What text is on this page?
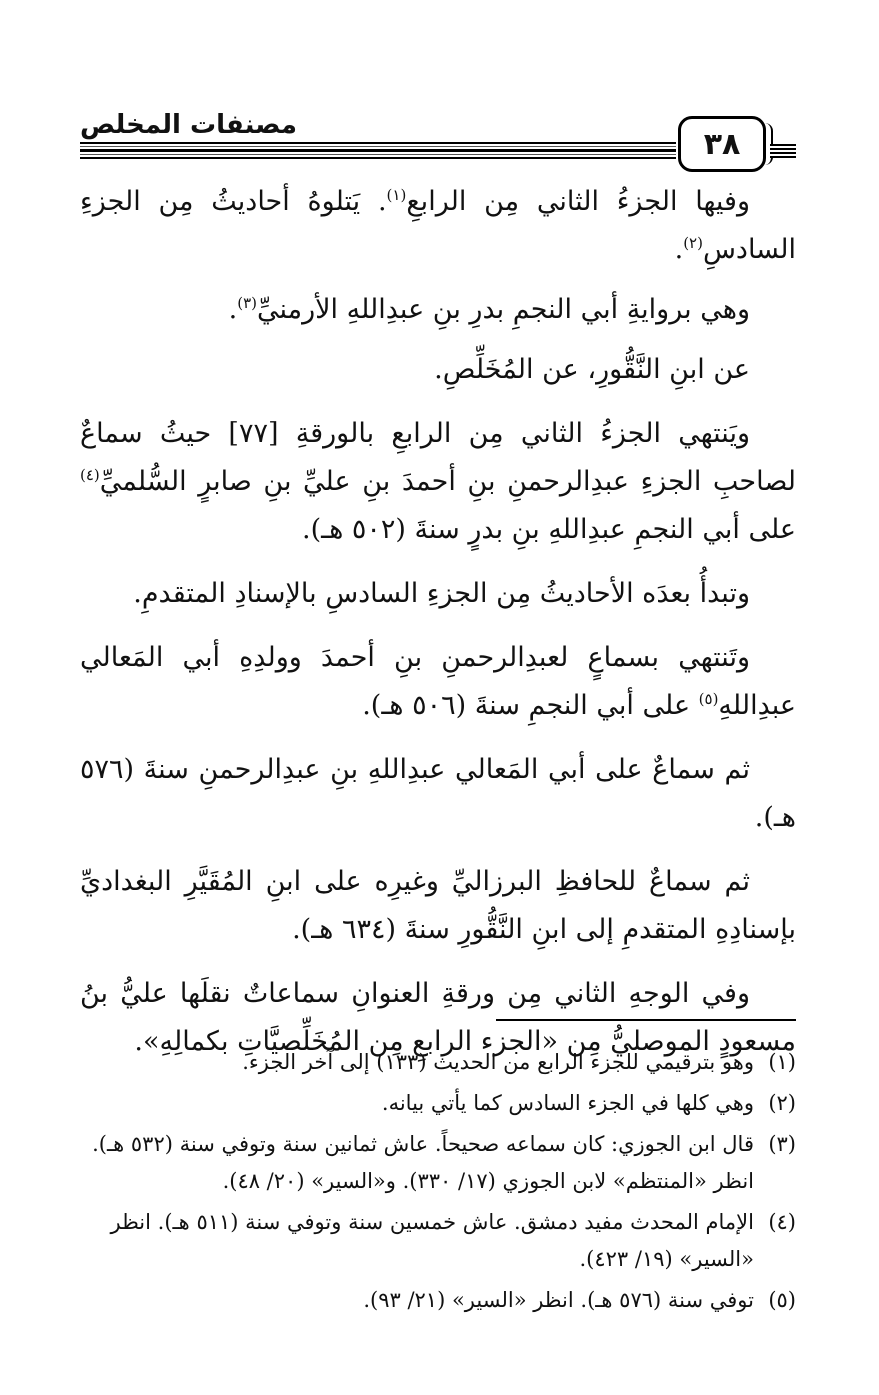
مصنفات المخلص
٣٨

وفيها الجزءُ الثاني مِن الرابعِ$^{(١)}$. يَتلوهُ أحاديثُ مِن الجزءِ السادسِ$^{(٢)}$.

وهي بروايةِ أبي النجمِ بدرِ بنِ عبدِاللهِ الأرمنيِّ$^{(٣)}$.

عن ابنِ النَّقُّورِ، عن المُخَلِّصِ.

ويَنتهي الجزءُ الثاني مِن الرابعِ بالورقةِ [٧٧] حيثُ سماعٌ لصاحبِ الجزءِ عبدِالرحمنِ بنِ أحمدَ بنِ عليِّ بنِ صابرٍ السُّلميِّ$^{(٤)}$ على أبي النجمِ عبدِاللهِ بنِ بدرٍ سنةَ (٥٠٢ هـ).

وتبدأُ بعدَه الأحاديثُ مِن الجزءِ السادسِ بالإسنادِ المتقدمِ.

وتَنتهي بسماعٍ لعبدِالرحمنِ بنِ أحمدَ وولدِهِ أبي المَعالي عبدِاللهِ$^{(٥)}$ على أبي النجمِ سنةَ (٥٠٦ هـ).

ثم سماعٌ على أبي المَعالي عبدِاللهِ بنِ عبدِالرحمنِ سنةَ (٥٧٦ هـ).

ثم سماعٌ للحافظِ البرزاليِّ وغيرِه على ابنِ المُقَيَّرِ البغداديِّ بإسنادِهِ المتقدمِ إلى ابنِ النَّقُّورِ سنةَ (٦٣٤ هـ).

وفي الوجهِ الثاني مِن ورقةِ العنوانِ سماعاتٌ نقلَها عليُّ بنُ مسعودٍ الموصليُّ مِن «الجزء الرابعِ مِن المُخَلِّصيَّاتِ بكمالِهِ».

(١)
وهو بترقيمي للجزء الرابع من الحديث (١٣٣) إلى آخر الجزء.
(٢)
وهي كلها في الجزء السادس كما يأتي بيانه.
(٣)
قال ابن الجوزي: كان سماعه صحيحاً. عاش ثمانين سنة وتوفي سنة (٥٣٢ هـ). انظر «المنتظم» لابن الجوزي (١٧/ ٣٣٠). و«السير» (٢٠/ ٤٨).
(٤)
الإمام المحدث مفيد دمشق. عاش خمسين سنة وتوفي سنة (٥١١ هـ). انظر «السير» (١٩/ ٤٢٣).
(٥)
توفي سنة (٥٧٦ هـ). انظر «السير» (٢١/ ٩٣).
